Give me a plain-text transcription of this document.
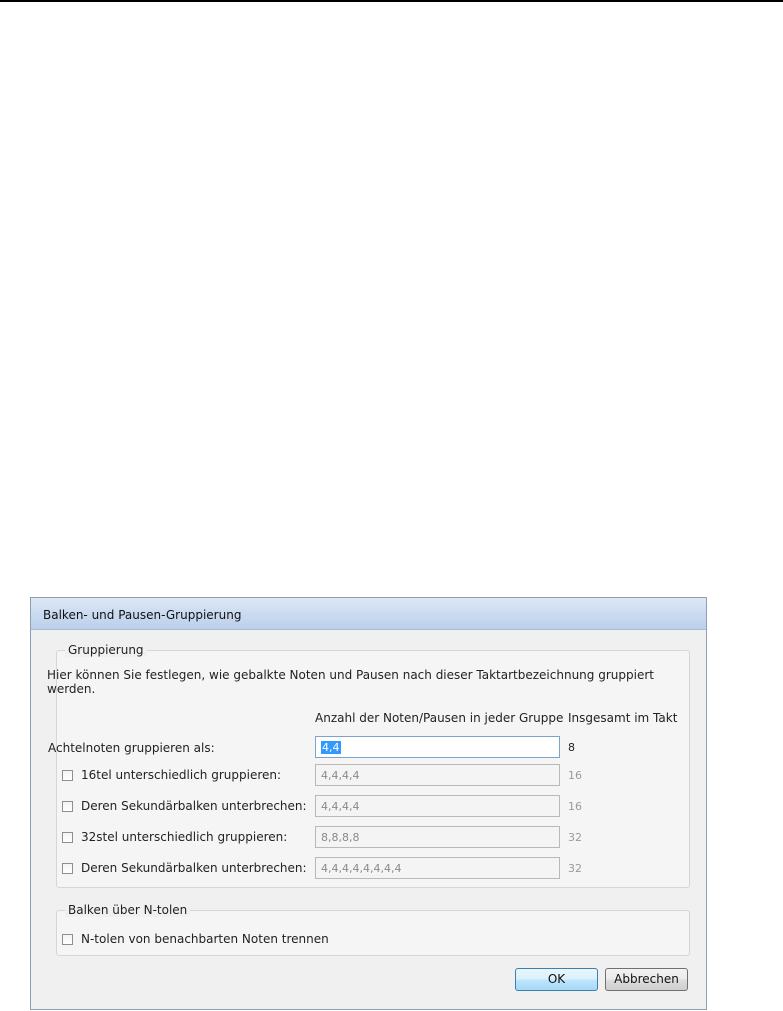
Balken- und Pausen-Gruppierung
Gruppierung
Hier können Sie festlegen, wie gebalkte Noten und Pausen nach dieser Taktartbezeichnung gruppiert werden.
Anzahl der Noten/Pausen in jeder Gruppe Insgesamt im Takt
Achtelnoten gruppieren als:	4,4	8
16tel unterschiedlich gruppieren:	4,4,4,4	16
Deren Sekundärbalken unterbrechen:	4,4,4,4	16
32stel unterschiedlich gruppieren:	8,8,8,8	32
Deren Sekundärbalken unterbrechen:	4,4,4,4,4,4,4,4	32
Balken über N-tolen
N-tolen von benachbarten Noten trennen
OK	Abbrechen
